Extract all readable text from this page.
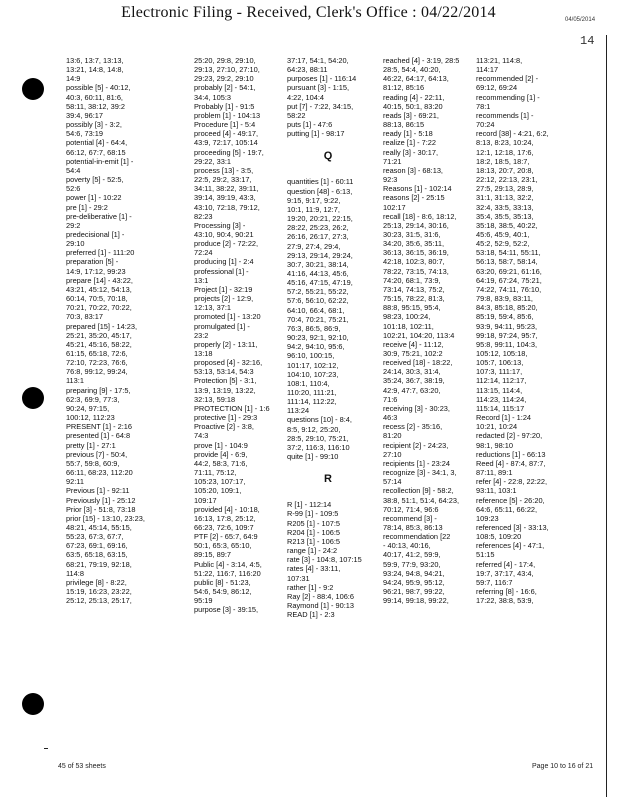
Electronic Filing - Received, Clerk's Office : 04/22/2014	04/05/2014
14
13:6, 13:7, 13:13,
13:21, 14:8, 14:8,
14:9
possible [5] - 40:12,
40:3, 60:11, 81:6,
58:11, 38:12, 39:2
39:4, 96:17
possibly [3] - 3:2,
54:6, 73:19
potential [4] - 64:4,
66:12, 67:7, 68:15
potential-in-emit [1] -
54:4
poverty [5] - 52:5,
52:6
power [1] - 10:22
pre [1] - 29:2
pre-deliberative [1] -
29:2
predecisional [1] -
29:10
preferred [1] - 111:20
preparation [5] -
14:9, 17:12, 99:23
prepare [14] - 43:22,
43:21, 45:12, 54:13,
60:14, 70:5, 70:18,
70:21, 70:22, 70:22,
70:3, 83:17
prepared [15] - 14:23,
25:21, 35:20, 45:17,
45:21, 45:16, 58:22,
61:15, 65:18, 72:6,
72:10, 72:23, 76:6,
76:8, 99:12, 99:24,
113:1
preparing [9] - 17:5,
62:3, 69:9, 77:3,
90:24, 97:15,
100:12, 112:23
PRESENT [1] - 2:16
presented [1] - 64:8
pretty [1] - 27:1
previous [7] - 50:4,
55:7, 59:8, 60:9,
66:11, 68:23, 112:20
92:11
Previous [1] - 92:11
Previously [1] - 25:12
Prior [3] - 51:8, 73:18
prior [15] - 13:10, 23:23,
48:21, 45:14, 55:15,
55:23, 67:3, 67:7,
67:23, 69:1, 69:16,
63:5, 65:18, 63:15,
68:21, 79:19, 92:18,
114:8
privilege [8] - 8:22,
15:19, 16:23, 23:22,
25:12, 25:13, 25:17,
25:20, 29:8, 29:10,
29:13, 27:10, 27:10,
29:23, 29:2, 29:10
probably [2] - 54:1,
34:4, 105:3
Probably [1] - 91:5
problem [1] - 104:13
Procedure [1] - 5:4
proceed [4] - 49:17,
43:9, 72:17, 105:14
proceeding [5] - 19:7,
29:22, 33:1
process [13] - 3:5,
22:5, 29:2, 33:17,
34:11, 38:22, 39:11,
39:14, 39:19, 43:3,
43:10, 72:18, 79:12,
82:23
Processing [3] -
43:10, 90:4, 90:21
produce [2] - 72:22,
72:24
producing [1] - 2:4
professional [1] -
13:1
Project [1] - 32:19
projects [2] - 12:9,
12:13, 37:1
promoted [1] - 13:20
promulgated [1] -
23:2
properly [2] - 13:11,
13:18
proposed [4] - 32:16,
53:13, 53:14, 54:3
Protection [5] - 3:1,
13:9, 13:19, 13:22,
32:13, 59:18
PROTECTION [1] - 1:6
protective [1] - 29:3
Proactive [2] - 3:8,
74:3
prove [1] - 104:9
provide [4] - 6:9,
44:2, 58:3, 71:6,
71:11, 75:12,
105:23, 107:17,
105:20, 109:1,
109:17
provided [4] - 10:18,
16:13, 17:8, 25:12,
66:23, 72:6, 109:7
PTF [2] - 65:7, 64:9
50:1, 65:3, 65:10,
89:15, 89:7
Public [4] - 3:14, 4:5,
51:22, 116:7, 116:20
public [8] - 51:23,
54:6, 54:9, 86:12,
95:19
purpose [3] - 39:15,
37:17, 54:1, 54:20,
64:23, 88:11
purposes [1] - 116:14
pursuant [3] - 1:15,
4:22, 104:4
put [7] - 7:22, 34:15,
58:22
puts [1] - 47:6
putting [1] - 98:17
Q
quantities [1] - 60:11
question [48] - 6:13,
9:15, 9:17, 9:22,
10:1, 11:9, 12:7,
19:20, 20:21, 22:15,
28:22, 25:23, 26:2,
26:16, 26:17, 27:3,
27:9, 27:4, 29:4,
29:13, 29:14, 29:24,
30:7, 30:21, 38:14,
41:16, 44:13, 45:6,
45:16, 47:15, 47:19,
57:2, 55:21, 55:22,
57:6, 56:10, 62:22,
64:10, 66:4, 68:1,
70:4, 70:21, 75:21,
76:3, 86:5, 86:9,
90:23, 92:1, 92:10,
94:2, 94:10, 95:6,
96:10, 100:15,
101:17, 102:12,
104:10, 107:23,
108:1, 110:4,
110:20, 111:21,
111:14, 112:22,
113:24
questions [10] - 8:4,
8:5, 9:12, 25:20,
28:5, 29:10, 75:21,
37:2, 116:3, 116:10
quite [1] - 99:10
R
R [1] - 112:14
R-99 [1] - 109:5
R205 [1] - 107:5
R204 [1] - 106:5
R213 [1] - 106:5
range [1] - 24:2
rate [3] - 104:8, 107:15
rates [4] - 33:11,
107:31
rather [1] - 9:2
Ray [2] - 88:4, 106:6
Raymond [1] - 90:13
READ [1] - 2:3
reached [4] - 3:19, 28:5
28:5, 54:4, 40:20,
46:22, 64:17, 64:13,
81:12, 85:16
reading [4] - 22:11,
40:15, 50:1, 83:20
reads [3] - 69:21,
88:13, 86:15
ready [1] - 5:18
realize [1] - 7:22
really [3] - 30:17,
71:21
reason [3] - 68:13,
92:3
Reasons [1] - 102:14
reasons [2] - 25:15
102:17
recall [18] - 8:6, 18:12,
25:13, 29:14, 30:16,
30:23, 31:5, 31:6,
34:20, 35:6, 35:11,
36:13, 36:15, 36:19,
42:18, 102:3, 80:7,
78:22, 73:15, 74:13,
74:20, 68:1, 73:9,
73:14, 74:13, 75:2,
75:15, 78:22, 81:3,
88:8, 95:15, 95:4,
98:23, 100:24,
101:18, 102:11,
102:21, 104:20, 113:4
receive [4] - 11:12,
30:9, 75:21, 102:2
received [18] - 18:22,
24:14, 30:3, 31:4,
35:24, 36:7, 38:19,
42:9, 47:7, 63:20,
71:6
receiving [3] - 30:23,
46:3
recess [2] - 35:16,
81:20
recipient [2] - 24:23,
27:10
recipients [1] - 23:24
recognize [3] - 34:1, 3,
57:14
recollection [9] - 58:2,
38:8, 51:1, 51:4, 64:23,
70:12, 71:4, 96:6
recommend [3] -
78:14, 85:3, 86:13
recommendation [22
- 40:13, 40:16,
40:17, 41:2, 59:9,
59:9, 77:9, 93:20,
93:24, 94:8, 94:21,
94:24, 95:9, 95:12,
96:21, 98:7, 99:22,
99:14, 99:18, 99:22,
113:21, 114:8,
114:17
recommended [2] -
69:12, 69:24
recommending [1] -
78:1
recommends [1] -
70:24
record [38] - 4:21, 6:2,
8:13, 8:23, 10:24,
12:1, 12:18, 17:6,
18:2, 18:5, 18:7,
18:13, 20:7, 20:8,
22:12, 22:13, 23:1,
27:5, 29:13, 28:9,
31:1, 31:13, 32:2,
32:4, 33:5, 33:13,
35:4, 35:5, 35:13,
35:18, 38:5, 40:22,
45:6, 45:9, 40:1,
45:2, 52:9, 52:2,
53:18, 54:11, 55:11,
56:13, 58:7, 58:14,
63:20, 69:21, 61:16,
64:19, 67:24, 75:21,
74:22, 74:11, 76:10,
79:8, 83:9, 83:11,
84:3, 85:18, 85:20,
85:19, 59:4, 85:6,
93:9, 94:11, 95:23,
99:18, 97:24, 95:7,
95:8, 99:11, 104:3,
105:12, 105:18,
105:7, 106:13,
107:3, 111:17,
112:14, 112:17,
113:15, 114:4,
114:23, 114:24,
115:14, 115:17
Record [1] - 1:24
10:21, 10:24
redacted [2] - 97:20,
98:1, 98:10
reductions [1] - 66:13
Reed [4] - 87:4, 87:7,
87:11, 89:1
refer [4] - 22:8, 22:22,
93:11, 103:1
reference [5] - 26:20,
64:6, 65:11, 66:22,
109:23
referenced [3] - 33:13,
108:5, 109:20
references [4] - 47:1,
51:15
referred [4] - 17:4,
19:7, 37:17, 43:4,
59:7, 116:7
referring [8] - 16:6,
17:22, 38:8, 53:9,
45 of 53 sheets	Page 10 to 16 of 21
